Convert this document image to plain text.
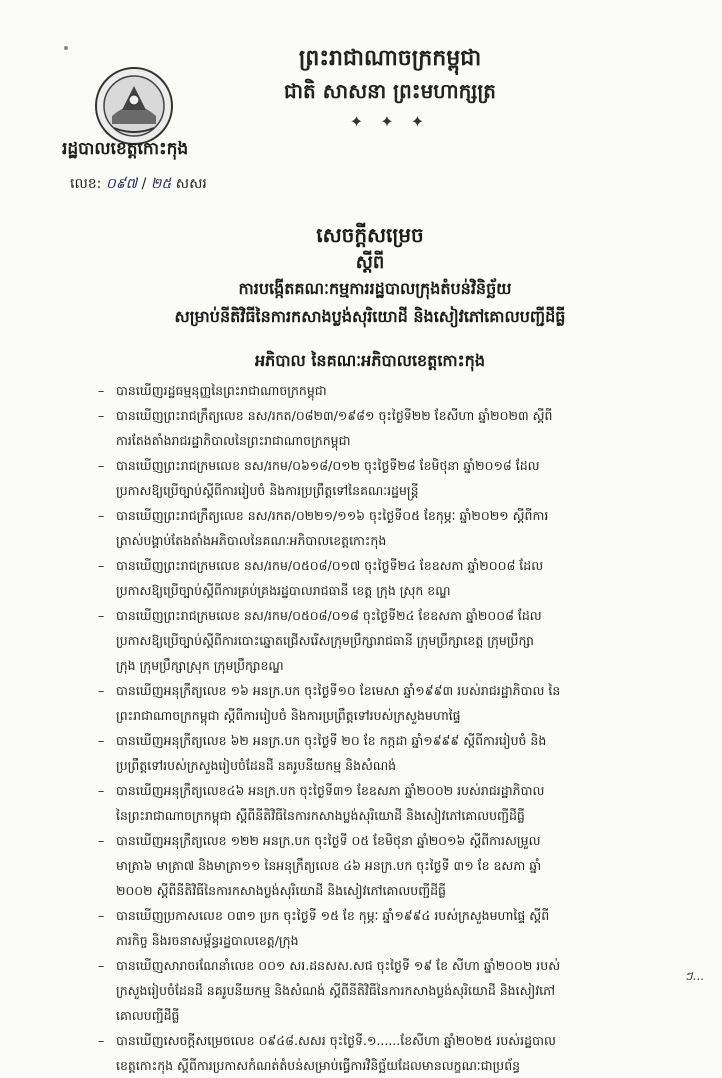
ព្រះរាជាណាចក្រកម្ពុជា
ជាតិ សាសនា ព្រះមហាក្សត្រ
✦ ✦ ✦
រដ្ឋបាលខេត្តកោះកុង
លេខ: ០៩៧ / ២៥ សសរ
សេចក្តីសម្រេច
ស្តីពី
ការបង្កើតគណៈកម្មការរដ្ឋបាលក្រុងតំបន់វិនិច្ឆ័យ
សម្រាប់នីតិវិធីនៃការកសាងប្លង់សុរិយោដី និងសៀវភៅគោលបញ្ជីដីធ្លី
អភិបាល នៃគណៈអភិបាលខេត្តកោះកុង
– បានឃើញរដ្ឋធម្មនុញ្ញនៃព្រះរាជាណាចក្រកម្ពុជា
– បានឃើញព្រះរាជក្រឹត្យលេខ នស/រកត/០៨២៣/១៩៨១ ចុះថ្ងៃទី២២ ខែសីហា ឆ្នាំ២០២៣ ស្តីពី
ការតែងតាំងរាជរដ្ឋាភិបាលនៃព្រះរាជាណាចក្រកម្ពុជា
– បានឃើញព្រះរាជក្រមលេខ នស/រកម/០៦១៨/០១២ ចុះថ្ងៃទី២៨ ខែមិថុនា ឆ្នាំ២០១៨ ដែល
ប្រកាសឱ្យប្រើច្បាប់ស្តីពីការរៀបចំ និងការប្រព្រឹត្តទៅនៃគណៈរដ្ឋមន្ត្រី
– បានឃើញព្រះរាជក្រឹត្យលេខ នស/រកត/០២២១/១១៦ ចុះថ្ងៃទី០៥ ខែកុម្ភៈ ឆ្នាំ២០២១ ស្តីពីការ
ត្រាស់បង្គាប់តែងតាំងអភិបាលនៃគណៈអភិបាលខេត្តកោះកុង
– បានឃើញព្រះរាជក្រមលេខ នស/រកម/០៥០៨/០១៧ ចុះថ្ងៃទី២៤ ខែឧសភា ឆ្នាំ២០០៨ ដែល
ប្រកាសឱ្យប្រើច្បាប់ស្តីពីការគ្រប់គ្រងរដ្ឋបាលរាជធានី ខេត្ត ក្រុង ស្រុក ខណ្ឌ
– បានឃើញព្រះរាជក្រមលេខ នស/រកម/០៥០៨/០១៨ ចុះថ្ងៃទី២៤ ខែឧសភា ឆ្នាំ២០០៨ ដែល
ប្រកាសឱ្យប្រើច្បាប់ស្តីពីការបោះឆ្នោតជ្រើសរើសក្រុមប្រឹក្សារាជធានី ក្រុមប្រឹក្សាខេត្ត ក្រុមប្រឹក្សា
ក្រុង ក្រុមប្រឹក្សាស្រុក ក្រុមប្រឹក្សាខណ្ឌ
– បានឃើញអនុក្រឹត្យលេខ ១៦ អនក្រ.បក ចុះថ្ងៃទី១០ ខែមេសា ឆ្នាំ១៩៩៣ របស់រាជរដ្ឋាភិបាល នៃ
ព្រះរាជាណាចក្រកម្ពុជា ស្តីពីការរៀបចំ និងការប្រព្រឹត្តទៅរបស់ក្រសួងមហាផ្ទៃ
– បានឃើញអនុក្រឹត្យលេខ ៦២ អនក្រ.បក ចុះថ្ងៃទី ២០ ខែ កក្កដា ឆ្នាំ១៩៩៩ ស្តីពីការរៀបចំ និង
ប្រព្រឹត្តទៅរបស់ក្រសួងរៀបចំដែនដី នគរូបនីយកម្ម និងសំណង់
– បានឃើញអនុក្រឹត្យលេខ៤៦ អនក្រ.បក ចុះថ្ងៃទី៣១ ខែឧសភា ឆ្នាំ២០០២ របស់រាជរដ្ឋាភិបាល
នៃព្រះរាជាណាចក្រកម្ពុជា ស្តីពីនីតិវិធីនៃការកសាងប្លង់សុរិយោដី និងសៀវភៅគោលបញ្ជីដីធ្លី
– បានឃើញអនុក្រឹត្យលេខ ១២២ អនក្រ.បក ចុះថ្ងៃទី ០៥ ខែមិថុនា ឆ្នាំ២០១៦ ស្តីពីការសម្រួល
មាត្រា៦ មាត្រា៧ និងមាត្រា១១ នៃអនុក្រឹត្យលេខ ៤៦ អនក្រ.បក ចុះថ្ងៃទី ៣១ ខែ ឧសភា ឆ្នាំ
២០០២ ស្តីពីនីតិវិធីនៃការកសាងប្លង់សុរិយោដី និងសៀវភៅគោលបញ្ជីដីធ្លី
– បានឃើញប្រកាសលេខ ០៣១ ប្រក ចុះថ្ងៃទី ១៥ ខែ កុម្ភៈ ឆ្នាំ១៩៩៤ របស់ក្រសួងមហាផ្ទៃ ស្តីពី
ភារកិច្ច និងរចនាសម្ព័ន្ធរដ្ឋបាលខេត្ត/ក្រុង
– បានឃើញសារាចរណែនាំលេខ ០០១ សរ.ដនសស.សជ ចុះថ្ងៃទី ១៩ ខែ សីហា ឆ្នាំ២០០២ របស់
ក្រសួងរៀបចំដែនដី នគរូបនីយកម្ម និងសំណង់ ស្តីពីនីតិវិធីនៃការកសាងប្លង់សុរិយោដី និងសៀវភៅ
គោលបញ្ជីដីធ្លី
– បានឃើញសេចក្តីសម្រេចលេខ ០៩៤៨.សសរ ចុះថ្ងៃទី.១......ខែសីហា ឆ្នាំ២០២៥ របស់រដ្ឋបាល
ខេត្តកោះកុង ស្តីពីការប្រកាសកំណត់តំបន់សម្រាប់ធ្វើការវិនិច្ឆ័យដែលមានលក្ខណៈជាប្រព័ន្ធ
ៗ...
